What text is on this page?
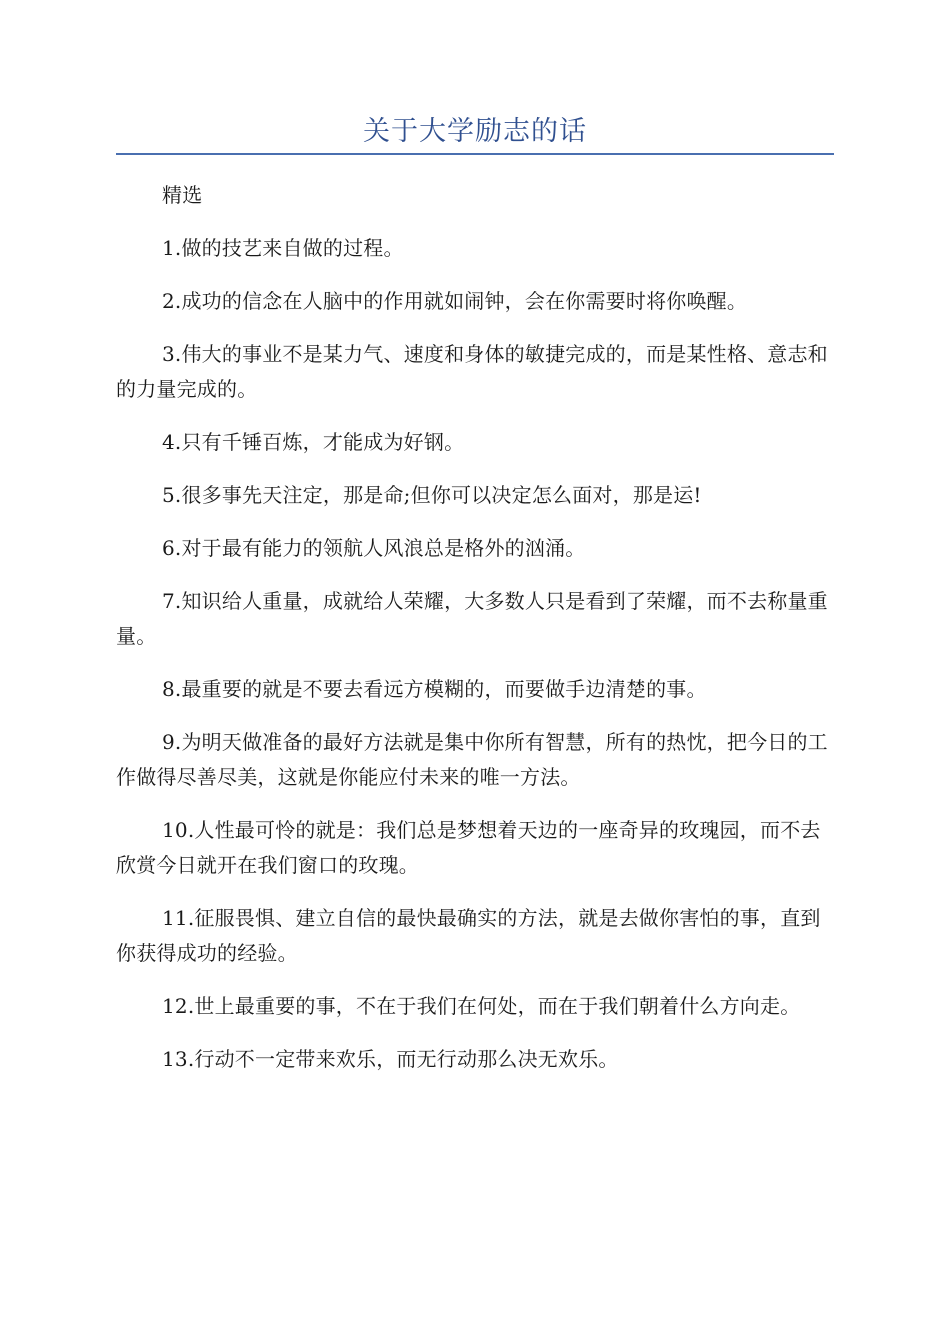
关于大学励志的话

精选

1.做的技艺来自做的过程。

2.成功的信念在人脑中的作用就如闹钟，会在你需要时将你唤醒。

3.伟大的事业不是某力气、速度和身体的敏捷完成的，而是某性格、意志和的力量完成的。

4.只有千锤百炼，才能成为好钢。

5.很多事先天注定，那是命;但你可以决定怎么面对，那是运!

6.对于最有能力的领航人风浪总是格外的汹涌。

7.知识给人重量，成就给人荣耀，大多数人只是看到了荣耀，而不去称量重量。

8.最重要的就是不要去看远方模糊的，而要做手边清楚的事。

9.为明天做准备的最好方法就是集中你所有智慧，所有的热忱，把今日的工作做得尽善尽美，这就是你能应付未来的唯一方法。

10.人性最可怜的就是：我们总是梦想着天边的一座奇异的玫瑰园，而不去欣赏今日就开在我们窗口的玫瑰。

11.征服畏惧、建立自信的最快最确实的方法，就是去做你害怕的事，直到你获得成功的经验。

12.世上最重要的事，不在于我们在何处，而在于我们朝着什么方向走。

13.行动不一定带来欢乐，而无行动那么决无欢乐。
